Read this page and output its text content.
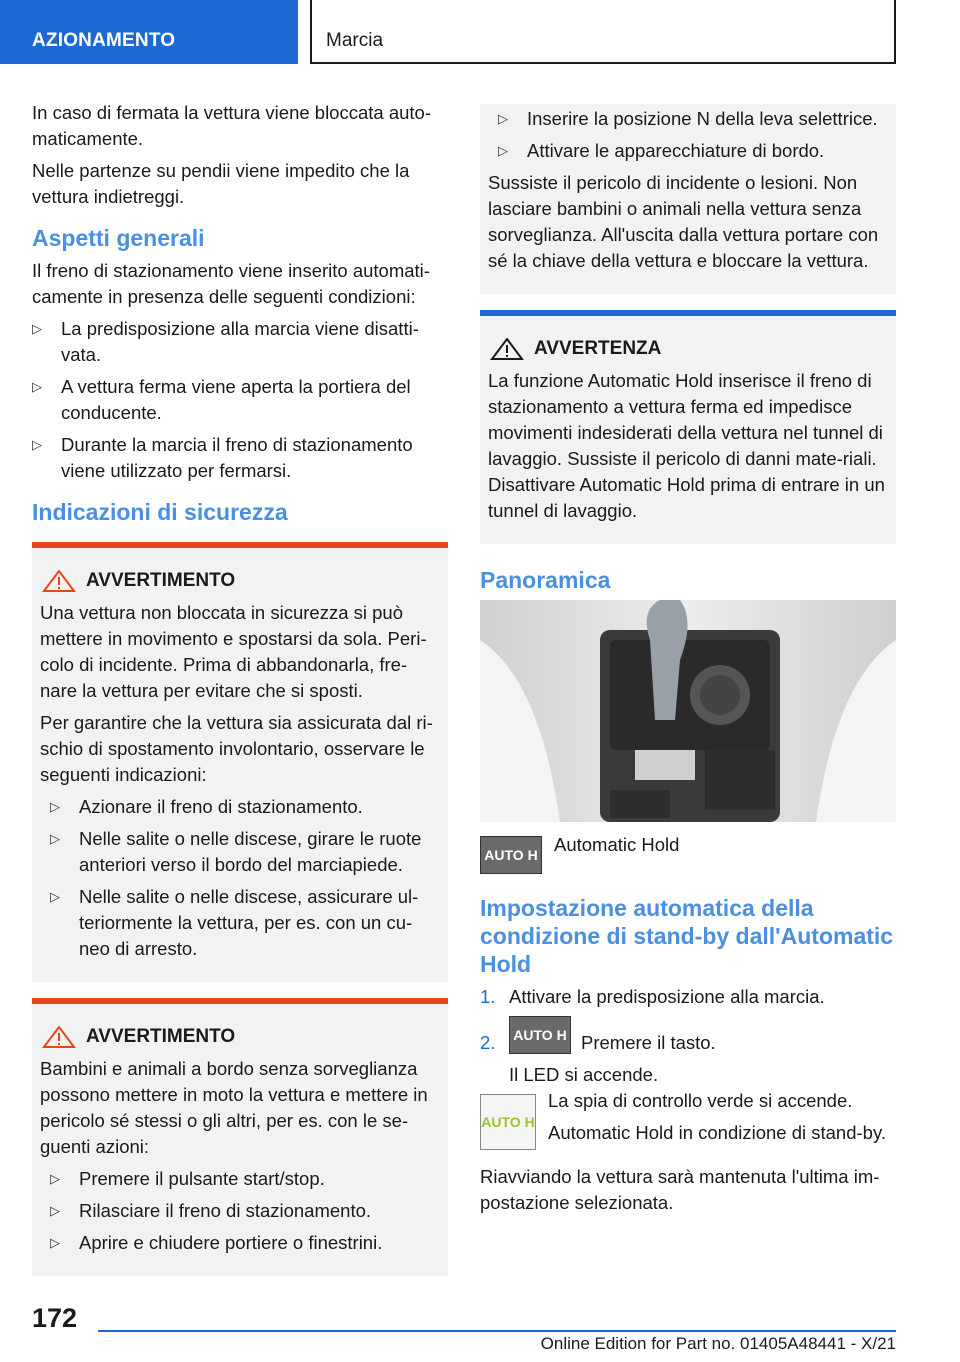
AZIONAMENTO	Marcia

In caso di fermata la vettura viene bloccata auto-maticamente.

Nelle partenze su pendii viene impedito che la vettura indietreggi.

Aspetti generali

Il freno di stazionamento viene inserito automati-camente in presenza delle seguenti condizioni:

▷ La predisposizione alla marcia viene disatti-vata.
▷ A vettura ferma viene aperta la portiera del conducente.
▷ Durante la marcia il freno di stazionamento viene utilizzato per fermarsi.
Indicazioni di sicurezza
AVVERTIMENTO

Una vettura non bloccata in sicurezza si può mettere in movimento e spostarsi da sola. Peri-colo di incidente. Prima di abbandonarla, fre-nare la vettura per evitare che si sposti.

Per garantire che la vettura sia assicurata dal ri-schio di spostamento involontario, osservare le seguenti indicazioni:

▷ Azionare il freno di stazionamento.
▷ Nelle salite o nelle discese, girare le ruote anteriori verso il bordo del marciapiede.
▷ Nelle salite o nelle discese, assicurare ul-teriormente la vettura, per es. con un cu-neo di arresto.
AVVERTIMENTO

Bambini e animali a bordo senza sorveglianza possono mettere in moto la vettura e mettere in pericolo sé stessi o gli altri, per es. con le se-guenti azioni:

▷ Premere il pulsante start/stop.
▷ Rilasciare il freno di stazionamento.
▷ Aprire e chiudere portiere o finestrini.
▷ Inserire la posizione N della leva selettrice.
▷ Attivare le apparecchiature di bordo.

Sussiste il pericolo di incidente o lesioni. Non lasciare bambini o animali nella vettura senza sorveglianza. All'uscita dalla vettura portare con sé la chiave della vettura e bloccare la vettura.

AVVERTENZA

La funzione Automatic Hold inserisce il freno di stazionamento a vettura ferma ed impedisce movimenti indesiderati della vettura nel tunnel di lavaggio. Sussiste il pericolo di danni mate-riali. Disattivare Automatic Hold prima di entrare in un tunnel di lavaggio.

Panoramica
AUTO H Automatic Hold
Impostazione automatica della condizione di stand-by dall'Automatic Hold
1. Attivare la predisposizione alla marcia.
2.	AUTO H Premere il tasto.

Il LED si accende.

AUTO H

La spia di controllo verde si accende.

Automatic Hold in condizione di stand-by.

Riavviando la vettura sarà mantenuta l'ultima im-postazione selezionata.

172
Online Edition for Part no. 01405A48441 - X/21
